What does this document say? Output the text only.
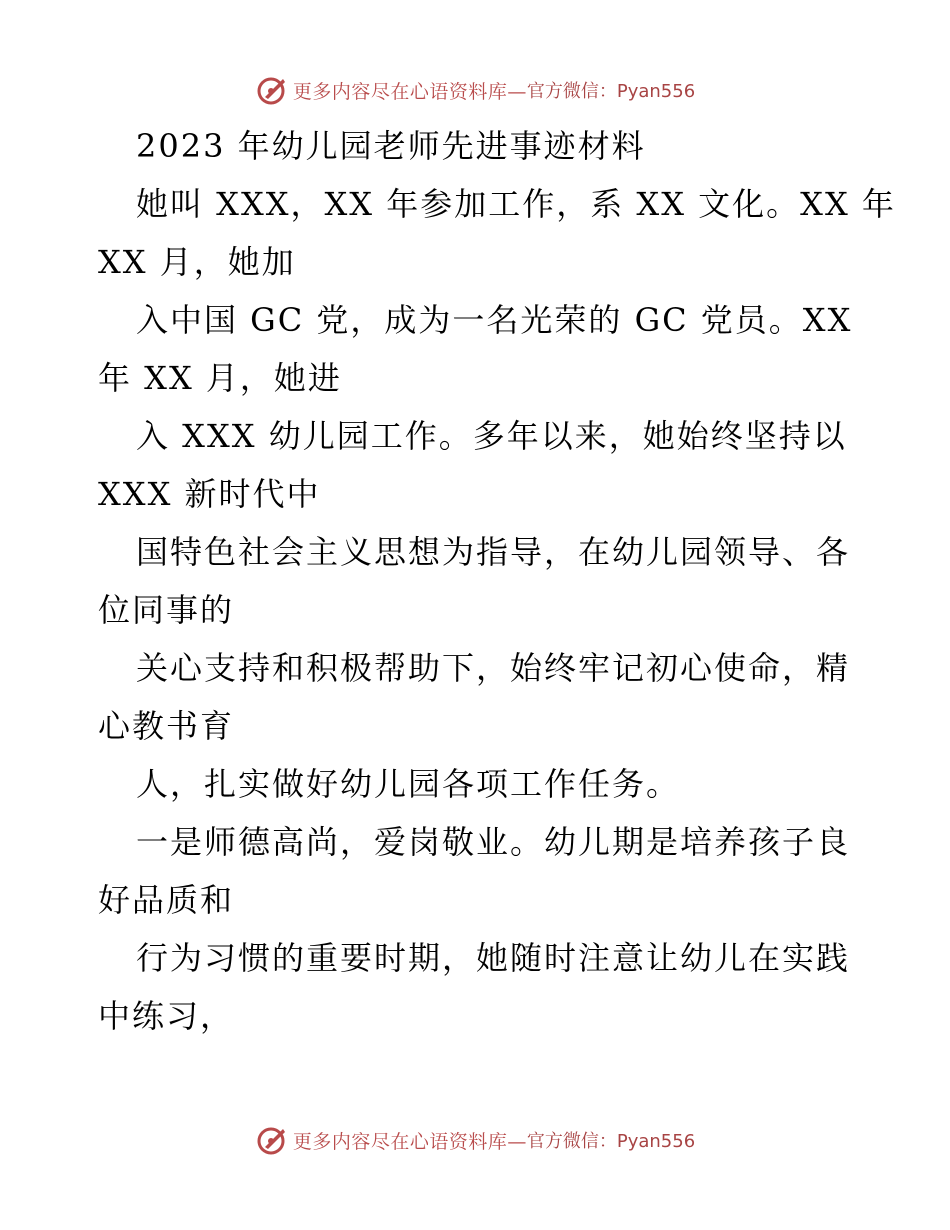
更多内容尽在心语资料库— 官方微信：Pyan556
2023 年幼儿园老师先进事迹材料
她叫 XXX，XX 年参加工作，系 XX 文化。XX 年
XX 月，她加
入中国 GC 党，成为一名光荣的 GC 党员。XX
年 XX 月，她进
入 XXX 幼儿园工作。多年以来，她始终坚持以
XXX 新时代中
国特色社会主义思想为指导，在幼儿园领导、各
位同事的
关心支持和积极帮助下，始终牢记初心使命，精
心教书育
人，扎实做好幼儿园各项工作任务。
一是师德高尚，爱岗敬业。幼儿期是培养孩子良
好品质和
行为习惯的重要时期，她随时注意让幼儿在实践
中练习，
更多内容尽在心语资料库— 官方微信：Pyan556
